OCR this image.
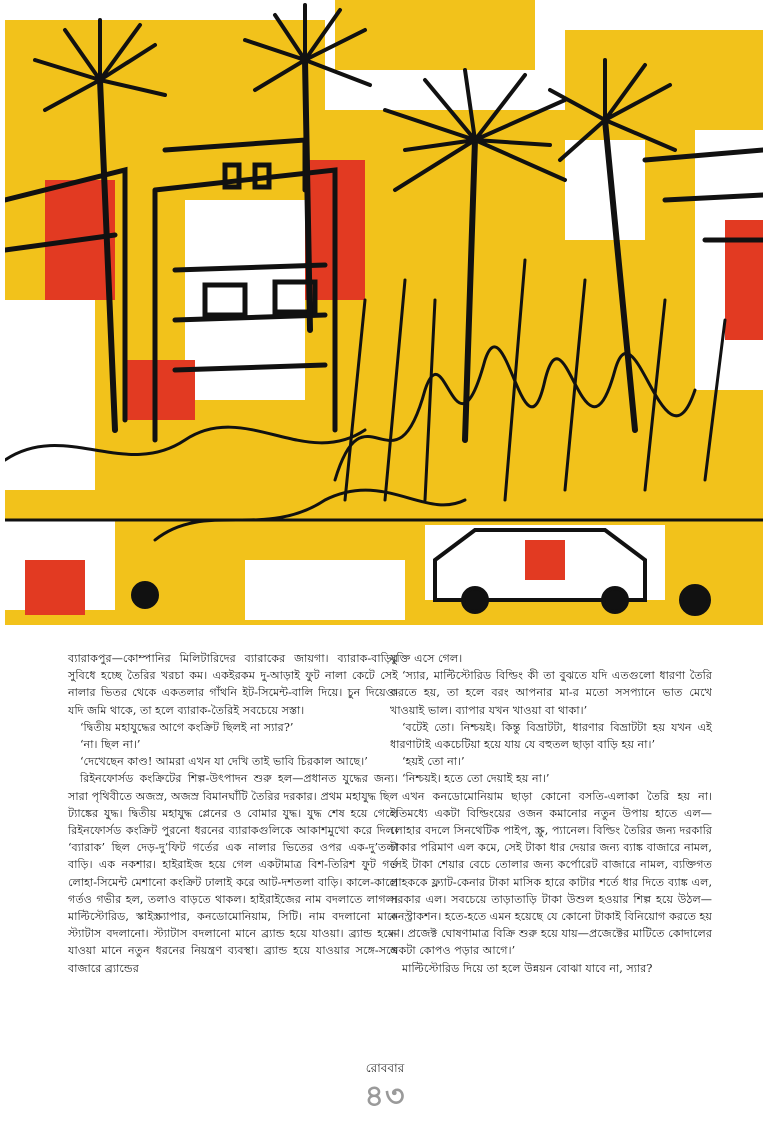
ব্যারাকপুর—কোম্পানির মিলিটারিদের ব্যারাকের জায়গা। ব্যারাক-বাড়ির সুবিধে হচ্ছে তৈরির খরচা কম। একইরকম দু-আড়াই ফুট নালা কেটে সেই নালার ভিতর থেকে একতলার গাঁথনি ইট-সিমেন্ট-বালি দিয়ে। চুন দিয়েও। যদি জমি থাকে, তা হলে ব্যারাক-তৈরিই সবচেয়ে সস্তা।

‘দ্বিতীয় মহাযুদ্ধের আগে কংক্রিট ছিলই না স্যার?’

‘না। ছিল না।’

‘দেখেছেন কাণ্ড! আমরা এখন যা দেখি তাই ভাবি চিরকাল আছে।’

রিইনফোর্সড কংক্রিটের শিল্প-উৎপাদন শুরু হল—প্রধানত যুদ্ধের জন্য। সারা পৃথিবীতে অজস্র, অজস্র বিমানঘাঁটি তৈরির দরকার। প্রথম মহাযুদ্ধ ছিল ট্যাঙ্কের যুদ্ধ। দ্বিতীয় মহাযুদ্ধ প্লেনের ও বোমার যুদ্ধ। যুদ্ধ শেষ হয়ে গেলে রিইনফোর্সড কংক্রিট পুরনো ধরনের ব্যারাকগুলিকে আকাশমুখো করে দিল। ‘ব্যারাক’ ছিল দেড়-দু’ফিট গর্তের এক নালার ভিতের ওপর এক-দু’তলা বাড়ি। এক নকশার। হাইরাইজ হয়ে গেল একটামাত্র বিশ-তিরিশ ফুট গর্ত লোহা-সিমেন্ট মেশানো কংক্রিট ঢালাই করে আট-দশতলা বাড়ি। কালে-কালে গর্তও গভীর হল, তলাও বাড়তে থাকল। হাইরাইজের নাম বদলাতে লাগল। মাল্টিস্টোরিড, স্কাইস্ক্র্যাপার, কনডোমোনিয়াম, সিটি। নাম বদলানো মানে স্ট্যাটাস বদলানো। স্ট্যাটাস বদলানো মানে ব্র্যান্ড হয়ে যাওয়া। ব্র্যান্ড হয়ে-যাওয়া মানে নতুন ধরনের নিয়ন্ত্রণ ব্যবস্থা। ব্র্যান্ড হয়ে যাওয়ার সঙ্গে-সঙ্গে বাজারে ব্র্যান্ডের

যুক্তি এসে গেল।

‘স্যার, মাল্টিস্টোরিড বিল্ডিং কী তা বুঝতে যদি এতগুলো ধারণা তৈরি করতে হয়, তা হলে বরং আপনার মা-র মতো সসপ্যানে ভাত মেখে খাওয়াই ভাল। ব্যাপার যখন খাওয়া বা থাকা।’

‘বটেই তো। নিশ্চয়ই। কিন্তু বিভ্রাটটা, ধারণার বিভ্রাটটা হয় যখন এই ধারণাটাই একচেটিয়া হয়ে যায় যে বহুতল ছাড়া বাড়ি হয় না।’

‘হয়ই তো না।’

‘নিশ্চয়ই। হতে তো দেয়াই হয় না।’

এখন কনডোমোনিয়াম ছাড়া কোনো বসতি-এলাকা তৈরি হয় না। ইতিমধ্যে একটা বিল্ডিংয়ের ওজন কমানোর নতুন উপায় হাতে এল—লোহার বদলে সিনথেটিক পাইপ, স্ক্রু, প্যানেল। বিল্ডিং তৈরির জন্য দরকারি টাকার পরিমাণ এল কমে, সেই টাকা ধার দেয়ার জন্য ব্যাঙ্ক বাজারে নামল, সেই টাকা শেয়ার বেচে তোলার জন্য কর্পোরেট বাজারে নামল, ব্যক্তিগত গ্রাহককে ফ্ল্যাট-কেনার টাকা মাসিক হারে কাটার শর্তে ধার দিতে ব্যাঙ্ক এল, সরকার এল। সবচেয়ে তাড়াতাড়ি টাকা উশুল হওয়ার শিল্প হয়ে উঠল—কনস্ট্রাকশন। হতে-হতে এমন হয়েছে যে কোনো টাকাই বিনিয়োগ করতে হয় না। প্রজেক্ট ঘোষণামাত্র বিক্রি শুরু হয়ে যায়—প্রজেক্টের মাটিতে কোদালের একটা কোপও পড়ার আগে।’

মাল্টিস্টোরিড দিয়ে তা হলে উন্নয়ন বোঝা যাবে না, স্যার?

রোববার
৪৩
